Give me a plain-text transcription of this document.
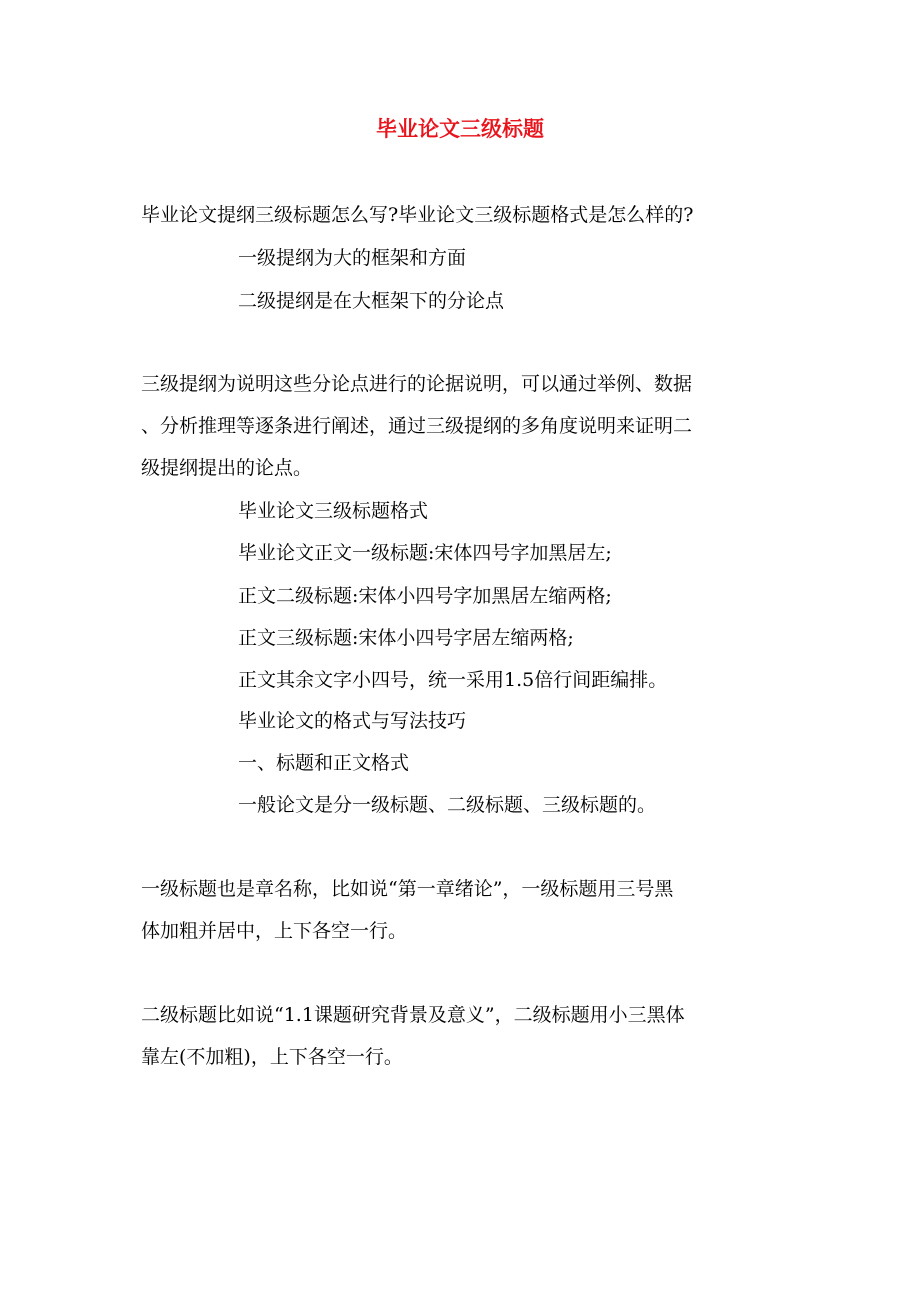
毕业论文三级标题
毕业论文提纲三级标题怎么写?毕业论文三级标题格式是怎么样的?
一级提纲为大的框架和方面
二级提纲是在大框架下的分论点
三级提纲为说明这些分论点进行的论据说明，可以通过举例、数据
、分析推理等逐条进行阐述，通过三级提纲的多角度说明来证明二
级提纲提出的论点。
毕业论文三级标题格式
毕业论文正文一级标题:宋体四号字加黑居左;
正文二级标题:宋体小四号字加黑居左缩两格;
正文三级标题:宋体小四号字居左缩两格;
正文其余文字小四号，统一采用1.5倍行间距编排。
毕业论文的格式与写法技巧
一、标题和正文格式
一般论文是分一级标题、二级标题、三级标题的。
一级标题也是章名称，比如说“第一章绪论”，一级标题用三号黑
体加粗并居中，上下各空一行。
二级标题比如说“1.1课题研究背景及意义”，二级标题用小三黑体
靠左(不加粗)，上下各空一行。
